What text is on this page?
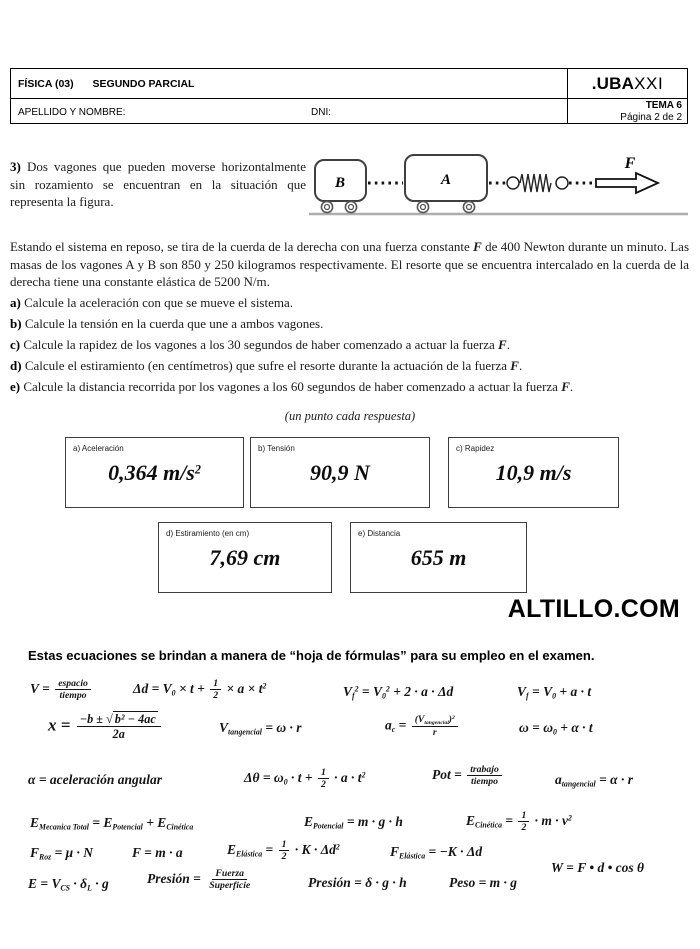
FÍSICA (03) SEGUNDO PARCIAL	.UBA XXI
APELLIDO Y NOMBRE:	DNI:
TEMA 6
Página 2 de 2
3) Dos vagones que pueden moverse horizontalmente sin rozamiento se encuentran en la situación que representa la figura.
B	A
F
Estando el sistema en reposo, se tira de la cuerda de la derecha con una fuerza constante F de 400 Newton durante un minuto. Las masas de los vagones A y B son 850 y 250 kilogramos respectivamente. El resorte que se encuentra intercalado en la cuerda de la derecha tiene una constante elástica de 5200 N/m.
a) Calcule la aceleración con que se mueve el sistema.
b) Calcule la tensión en la cuerda que une a ambos vagones.
c) Calcule la rapidez de los vagones a los 30 segundos de haber comenzado a actuar la fuerza F.
d) Calcule el estiramiento (en centímetros) que sufre el resorte durante la actuación de la fuerza F.
e) Calcule la distancia recorrida por los vagones a los 60 segundos de haber comenzado a actuar la fuerza F.
(un punto cada respuesta)
a) Aceleración
0,364 $m/s^2$
b) Tensión
90,9 N
c) Rapidez
10,9 m/s
d) Estiramiento (en cm)
7,69 cm
e) Distancia
655 m
ALTILLO.COM
Estas ecuaciones se brindan a manera de “hoja de fórmulas” para su empleo en el examen.
$V = \frac{\text{espacio}}{\text{tiempo}}$	$\Delta d = V_0 \times t + \frac{1}{2} \times a \times t^2$	$V_f^2 = V_0^2 + 2 \cdot a \cdot \Delta d$	$V_f = V_0 + a \cdot t$
$x = \frac{\text{−b ± √ b² − 4ac}}{2a}$	$V_{tangencial} = \omega \cdot r$	$a_c = \frac{(V_{tangencial})^2}{r}$	$\omega = \omega_0 + \alpha \cdot t$
α = aceleración angular	$\Delta\theta = \omega_0 \cdot t + \frac{1}{2} \cdot a \cdot t^2$	Pot = $\frac{\text{trabajo}}{\text{tiempo}}$	$a_{tangencial} = \alpha \cdot r$
$E_{Mecanica Total} = E_{Potencial} + E_{Cinética}$	$E_{Potencial} = m \cdot g \cdot h$	$E_{Cinética} = \frac{1}{2} \cdot m \cdot v^2$
$F_{Roz} = \mu \cdot N$	F = m · a	$E_{Elástica} = \frac{1}{2} \cdot K \cdot \Delta d^2$	$F_{Elástica} = -K \cdot \Delta d$
$E = V_{CS} \cdot \delta_L \cdot g$	Presión = $\frac{\text{Fuerza}}{\text{Superficie}}$	Presión = δ · g · h	Peso = m · g
W = F • d • cos θ
